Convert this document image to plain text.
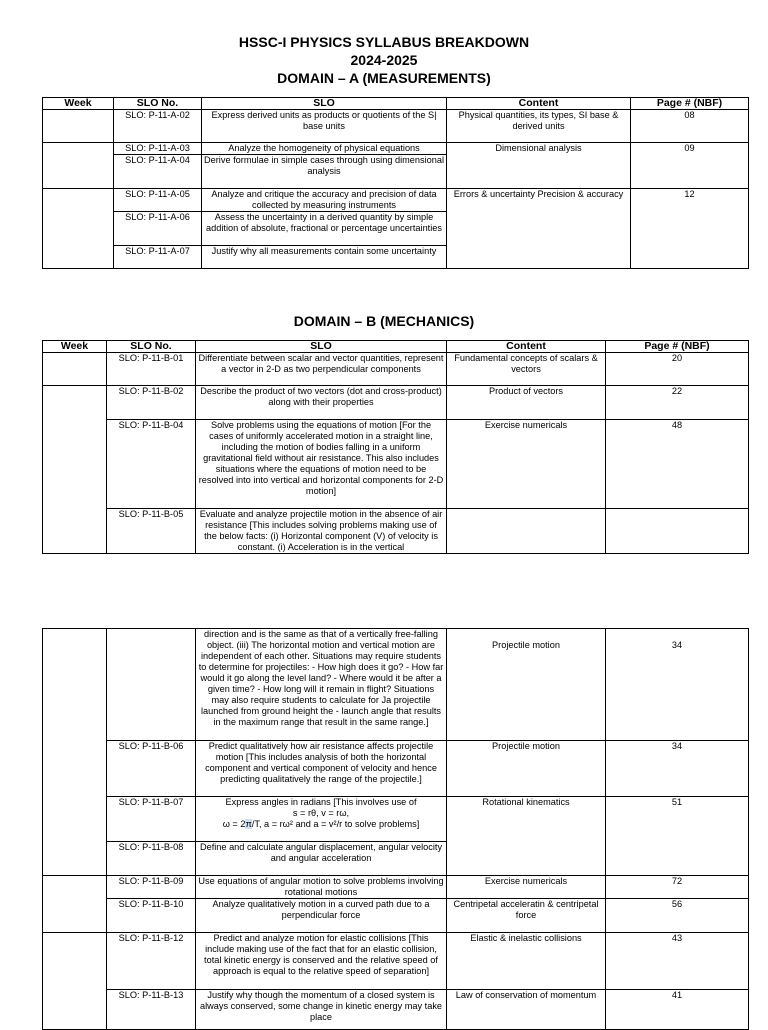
HSSC-I PHYSICS SYLLABUS BREAKDOWN
2024-2025
DOMAIN – A (MEASUREMENTS)
Week	SLO No.	SLO	Content	Page # (NBF)
	SLO: P-11-A-02	Express derived units as products or quotients of the S| base units	Physical quantities, its types, SI base & derived units	08
	SLO: P-11-A-03	Analyze the homogeneity of physical equations	Dimensional analysis	09
	SLO: P-11-A-04	Derive formulae in simple cases through using dimensional analysis		
	SLO: P-11-A-05	Analyze and critique the accuracy and precision of data collected by measuring instruments	Errors & uncertainty Precision & accuracy	12
	SLO: P-11-A-06	Assess the uncertainty in a derived quantity by simple addition of absolute, fractional or percentage uncertainties		
	SLO: P-11-A-07	Justify why all measurements contain some uncertainty		
DOMAIN – B (MECHANICS)
Week	SLO No.	SLO	Content	Page # (NBF)
	SLO: P-11-B-01	Differentiate between scalar and vector quantities, represent a vector in 2-D as two perpendicular components	Fundamental concepts of scalars & vectors	20
	SLO: P-11-B-02	Describe the product of two vectors (dot and cross-product) along with their properties	Product of vectors	22
	SLO: P-11-B-04	Solve problems using the equations of motion [For the cases of uniformly accelerated motion in a straight line, including the motion of bodies falling in a uniform gravitational field without air resistance. This also includes situations where the equations of motion need to be resolved into into vertical and horizontal components for 2-D motion]	Exercise numericals	48
	SLO: P-11-B-05	Evaluate and analyze projectile motion in the absence of air resistance [This includes solving problems making use of the below facts: (i) Horizontal component (V) of velocity is constant. (i) Acceleration is in the vertical		
		direction and is the same as that of a vertically free-falling object. (iii) The horizontal motion and vertical motion are independent of each other. Situations may require students to determine for projectiles: - How high does it go? - How far would it go along the level land? - Where would it be after a given time? - How long will it remain in flight? Situations may also require students to calculate for Ja projectile launched from ground height the - launch angle that results in the maximum range that result in the same range.]	Projectile motion	34
	SLO: P-11-B-06	Predict qualitatively how air resistance affects projectile motion [This includes analysis of both the horizontal component and vertical component of velocity and hence predicting qualitatively the range of the projectile.]	Projectile motion	34
	SLO: P-11-B-07	Express angles in radians [This involves use of
s = rθ, v = rω,
ω = 2π/T, a = rω² and a = v²/r to solve problems]	Rotational kinematics	51
	SLO: P-11-B-08	Define and calculate angular displacement, angular velocity and angular acceleration		
	SLO: P-11-B-09	Use equations of angular motion to solve problems involving rotational motions	Exercise numericals	72
	SLO: P-11-B-10	Analyze qualitatively motion in a curved path due to a perpendicular force	Centripetal acceleratin & centripetal force	56
	SLO: P-11-B-12	Predict and analyze motion for elastic collisions [This include making use of the fact that for an elastic collision, total kinetic energy is conserved and the relative speed of approach is equal to the relative speed of separation]	Elastic & inelastic collisions	43
	SLO: P-11-B-13	Justify why though the momentum of a closed system is always conserved, some change in kinetic energy may take place	Law of conservation of momentum	41
